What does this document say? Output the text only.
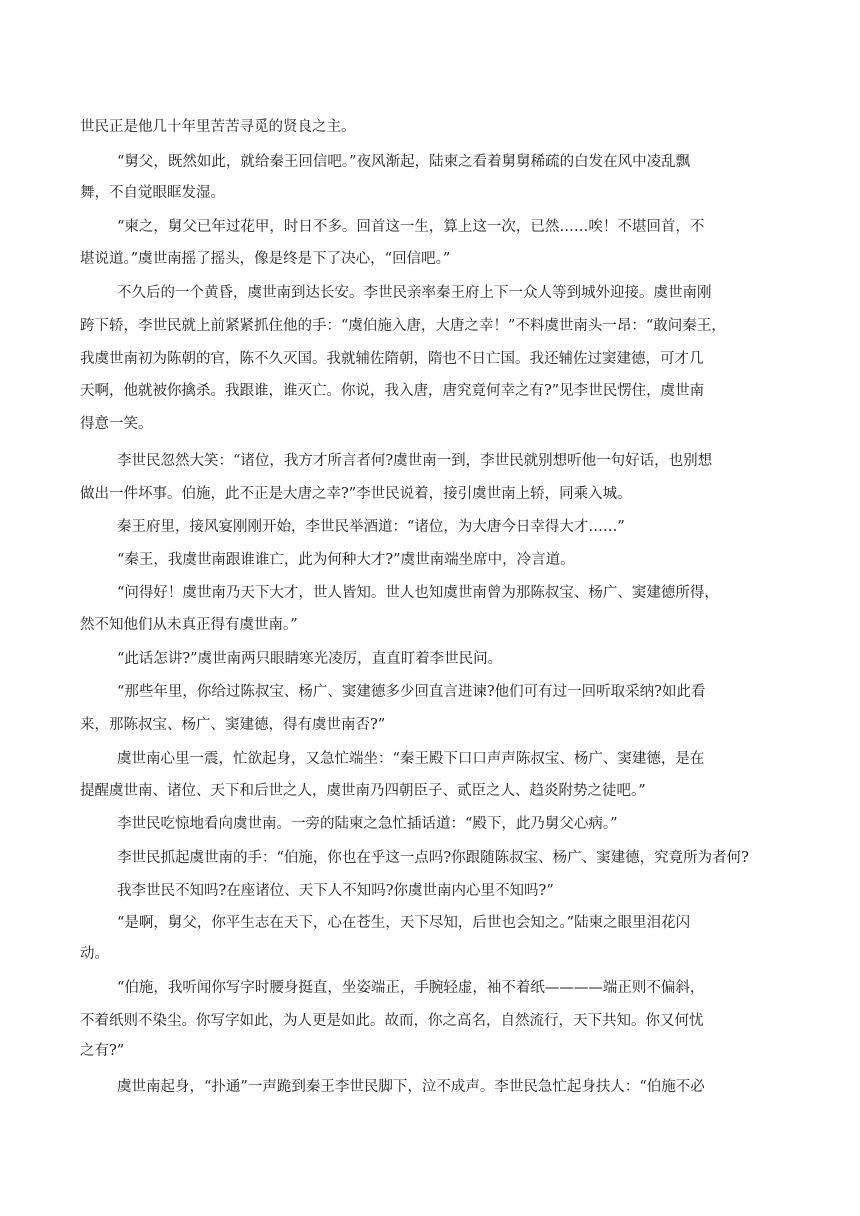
世民正是他几十年里苦苦寻觅的贤良之主。
“舅父，既然如此，就给秦王回信吧。”夜风渐起，陆柬之看着舅舅稀疏的白发在风中凌乱飘
舞，不自觉眼眶发湿。
“柬之，舅父已年过花甲，时日不多。回首这一生，算上这一次，已然……唉！不堪回首，不
堪说道。”虞世南摇了摇头，像是终是下了决心，“回信吧。”
不久后的一个黄昏，虞世南到达长安。李世民亲率秦王府上下一众人等到城外迎接。虞世南刚
跨下轿，李世民就上前紧紧抓住他的手：“虞伯施入唐，大唐之幸！”不料虞世南头一昂：“敢问秦王，
我虞世南初为陈朝的官，陈不久灭国。我就辅佐隋朝，隋也不日亡国。我还辅佐过窦建德，可才几
天啊，他就被你擒杀。我跟谁，谁灭亡。你说，我入唐，唐究竟何幸之有?”见李世民愣住，虞世南
得意一笑。
李世民忽然大笑：“诸位，我方才所言者何?虞世南一到，李世民就别想听他一句好话，也别想
做出一件坏事。伯施，此不正是大唐之幸?”李世民说着，接引虞世南上轿，同乘入城。
秦王府里，接风宴刚刚开始，李世民举酒道：“诸位，为大唐今日幸得大才……”
“秦王，我虞世南跟谁谁亡，此为何种大才?”虞世南端坐席中，冷言道。
“问得好！虞世南乃天下大才，世人皆知。世人也知虞世南曾为那陈叔宝、杨广、窦建德所得，
然不知他们从未真正得有虞世南。”
“此话怎讲?”虞世南两只眼睛寒光凌厉，直直盯着李世民问。
“那些年里，你给过陈叔宝、杨广、窦建德多少回直言进谏?他们可有过一回听取采纳?如此看
来，那陈叔宝、杨广、窦建德，得有虞世南否?”
虞世南心里一震，忙欲起身，又急忙端坐：“秦王殿下口口声声陈叔宝、杨广、窦建德，是在
提醒虞世南、诸位、天下和后世之人，虞世南乃四朝臣子、贰臣之人、趋炎附势之徒吧。”
李世民吃惊地看向虞世南。一旁的陆柬之急忙插话道：“殿下，此乃舅父心病。”
李世民抓起虞世南的手：“伯施，你也在乎这一点吗?你跟随陈叔宝、杨广、窦建德，究竟所为者何?
我李世民不知吗?在座诸位、天下人不知吗?你虞世南内心里不知吗?”
“是啊，舅父，你平生志在天下，心在苍生，天下尽知，后世也会知之。”陆柬之眼里泪花闪
动。
“伯施，我听闻你写字时腰身挺直，坐姿端正，手腕轻虚，袖不着纸————端正则不偏斜，
不着纸则不染尘。你写字如此，为人更是如此。故而，你之高名，自然流行，天下共知。你又何忧
之有?”
虞世南起身，“扑通”一声跪到秦王李世民脚下，泣不成声。李世民急忙起身扶人：“伯施不必
